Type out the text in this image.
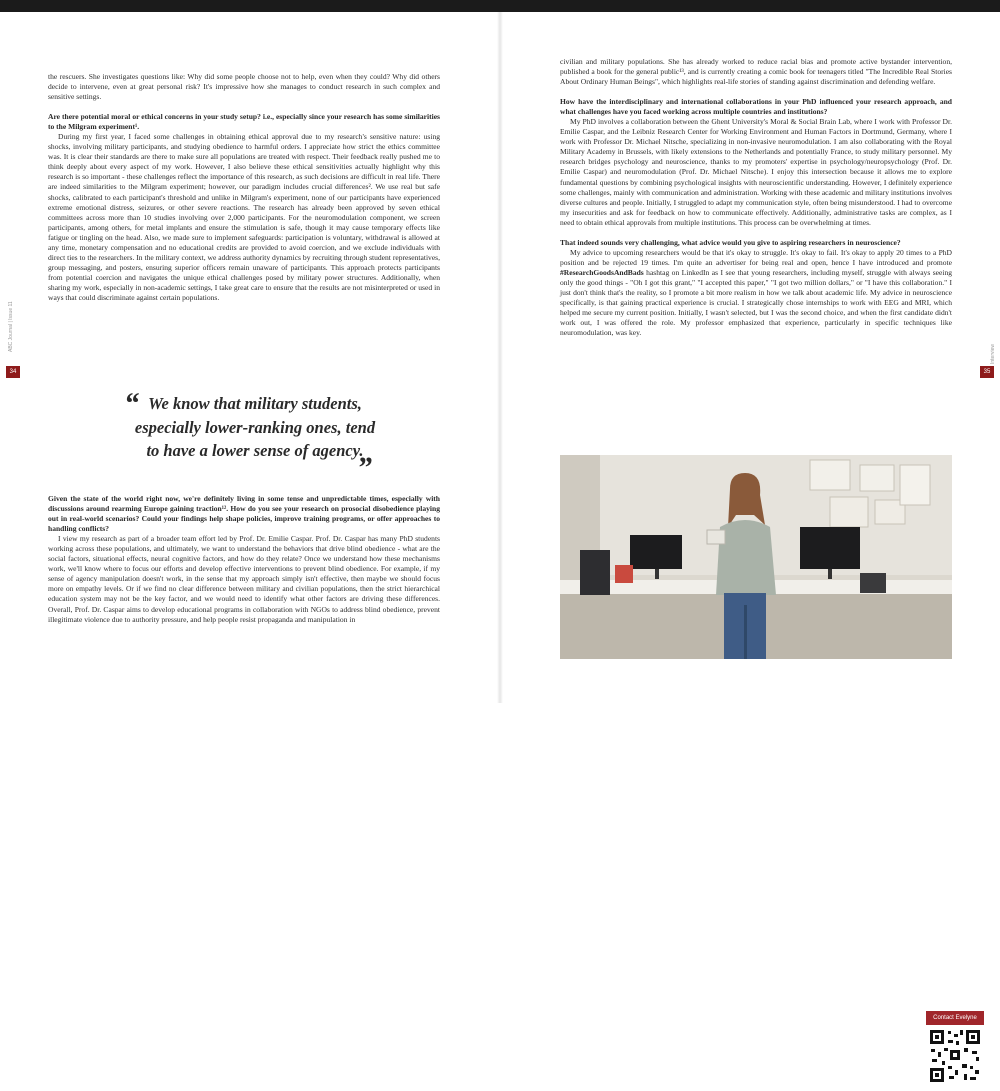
the rescuers. She investigates questions like: Why did some people choose not to help, even when they could? Why did others decide to intervene, even at great personal risk? It's impressive how she manages to conduct research in such complex and sensitive settings.

Are there potential moral or ethical concerns in your study setup? i.e., especially since your research has some similarities to the Milgram experiment¹.

During my first year, I faced some challenges in obtaining ethical approval due to my research's sensitive nature: using shocks, involving military participants, and studying obedience to harmful orders. I appreciate how strict the ethics committee was. It is clear their standards are there to make sure all populations are treated with respect. Their feedback really pushed me to think deeply about every aspect of my work. However, I also believe these ethical sensitivities actually highlight why this research is so important - these challenges reflect the importance of this research, as such decisions are difficult in real life. There are indeed similarities to the Milgram experiment; however, our paradigm includes crucial differences². We use real but safe shocks, calibrated to each participant's threshold and unlike in Milgram's experiment, none of our participants have experienced extreme emotional distress, seizures, or other severe reactions. The research has already been approved by seven ethical committees across more than 10 studies involving over 2,000 participants. For the neuromodulation component, we screen participants, among others, for metal implants and ensure the stimulation is safe, though it may cause temporary effects like fatigue or tingling on the head. Also, we made sure to implement safeguards: participation is voluntary, withdrawal is allowed at any time, monetary compensation and no educational credits are provided to avoid coercion, and we exclude individuals with direct ties to the researchers. In the military context, we address authority dynamics by recruiting through student representatives, group messaging, and posters, ensuring superior officers remain unaware of participants. This approach protects participants from potential coercion and navigates the unique ethical challenges posed by military power structures. Additionally, when sharing my work, especially in non-academic settings, I take great care to ensure that the results are not misinterpreted or used in ways that could discriminate against certain populations.

“ We know that military students, especially lower-ranking ones, tend to have a lower sense of agency.
”

Given the state of the world right now, we're definitely living in some tense and unpredictable times, especially with discussions around rearming Europe gaining traction¹². How do you see your research on prosocial disobedience playing out in real-world scenarios? Could your findings help shape policies, improve training programs, or offer approaches to handling conflicts?

I view my research as part of a broader team effort led by Prof. Dr. Emilie Caspar. Prof. Dr. Caspar has many PhD students working across these populations, and ultimately, we want to understand the behaviors that drive blind obedience - what are the social factors, situational effects, neural cognitive factors, and how do they relate? Once we understand how these mechanisms work, we'll know where to focus our efforts and develop effective interventions to prevent blind obedience. For example, if my sense of agency manipulation doesn't work, in the sense that my approach simply isn't effective, then maybe we should focus more on empathy levels. Or if we find no clear difference between military and civilian populations, then the strict hierarchical education system may not be the key factor, and we would need to identify what other factors are driving these differences. Overall, Prof. Dr. Caspar aims to develop educational programs in collaboration with NGOs to address blind obedience, prevent illegitimate violence due to authority pressure, and help people resist propaganda and manipulation in

34
ABC Journal | Issue 11

civilian and military populations. She has already worked to reduce racial bias and promote active bystander intervention, published a book for the general public¹³, and is currently creating a comic book for teenagers titled "The Incredible Real Stories About Ordinary Human Beings", which highlights real-life stories of standing against discrimination and defending welfare.

How have the interdisciplinary and international collaborations in your PhD influenced your research approach, and what challenges have you faced working across multiple countries and institutions?

My PhD involves a collaboration between the Ghent University's Moral & Social Brain Lab, where I work with Professor Dr. Emilie Caspar, and the Leibniz Research Center for Working Environment and Human Factors in Dortmund, Germany, where I work with Professor Dr. Michael Nitsche, specializing in non-invasive neuromodulation. I am also collaborating with the Royal Military Academy in Brussels, with likely extensions to the Netherlands and potentially France, to study military personnel. My research bridges psychology and neuroscience, thanks to my promoters' expertise in psychology/neuropsychology (Prof. Dr. Emilie Caspar) and neuromodulation (Prof. Dr. Michael Nitsche). I enjoy this intersection because it allows me to explore fundamental questions by combining psychological insights with neuroscientific understanding. However, I definitely experience some challenges, mainly with communication and administration. Working with these academic and military institutions involves diverse cultures and people. Initially, I struggled to adapt my communication style, often being misunderstood. I had to overcome my insecurities and ask for feedback on how to communicate effectively. Additionally, administrative tasks are complex, as I need to obtain ethical approvals from multiple institutions. This process can be overwhelming at times.

That indeed sounds very challenging, what advice would you give to aspiring researchers in neuroscience?

My advice to upcoming researchers would be that it's okay to struggle. It's okay to fail. It's okay to apply 20 times to a PhD position and be rejected 19 times. I'm quite an advertiser for being real and open, hence I have introduced and promote #ResearchGoodsAndBads hashtag on LinkedIn as I see that young researchers, including myself, struggle with always seeing only the good things - "Oh I got this grant," "I accepted this paper," "I got two million dollars," or "I have this collaboration." I just don't think that's the reality, so I promote a bit more realism in how we talk about academic life. My advice in neuroscience specifically, is that gaining practical experience is crucial. I strategically chose internships to work with EEG and MRI, which helped me secure my current position. Initially, I wasn't selected, but I was the second choice, and when the first candidate didn't work out, I was offered the role. My professor emphasized that experience, particularly in specific techniques like neuromodulation, was key.

Contact Evelyne
35
Interview
